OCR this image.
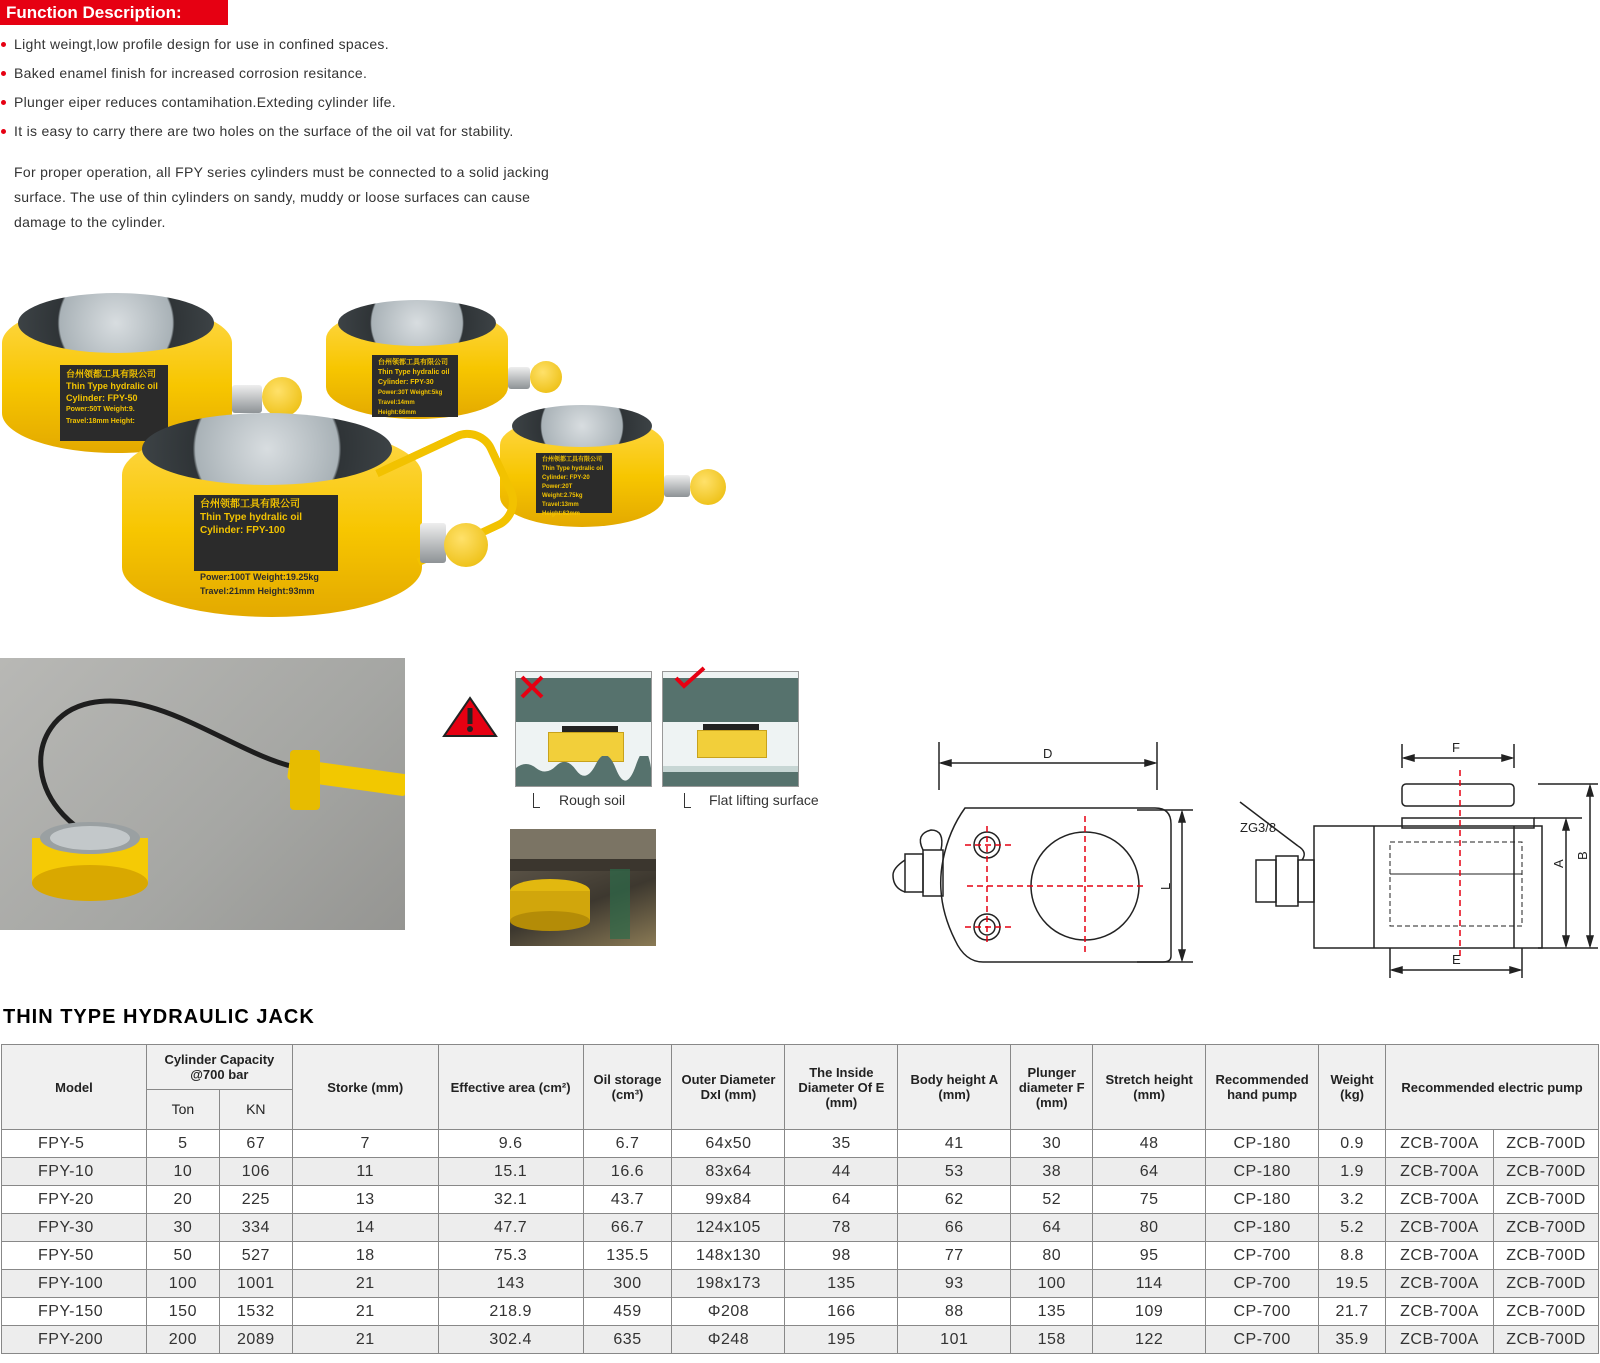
Function Description:
Light weingt,low profile design for use in confined spaces.
Baked enamel finish for increased corrosion resitance.
Plunger eiper reduces contamihation.Exteding cylinder life.
It is easy to carry there are two holes on the surface of the oil vat for stability.
For proper operation, all FPY series cylinders must be connected to a solid jacking surface. The use of thin cylinders on sandy, muddy or loose surfaces can cause damage to the cylinder.
台州领都工具有限公司
Thin Type hydralic oil
Cylinder: FPY-50
Power:50T Weight:9.
Travel:18mm Height:
台州领都工具有限公司
Thin Type hydralic oil
Cylinder: FPY-30
Power:30T Weight:5kg
Travel:14mm Height:66mm
台州领都工具有限公司
Thin Type hydralic oil
Cylinder: FPY-20
Power:20T Weight:2.75kg
Travel:13mm Height:62mm
台州领都工具有限公司
Thin Type hydralic oil
Cylinder: FPY-100
Power:100T Weight:19.25kg
Travel:21mm Height:93mm
Rough soil	Flat lifting surface
D
L
F
E
A
B
ZG3/8
THIN TYPE HYDRAULIC JACK
Model	Cylinder Capacity @700 bar		Storke (mm)	Effective area (cm²)	Oil storage (cm³)	Outer Diameter DxI (mm)	The Inside Diameter Of E (mm)	Body height A (mm)	Plunger diameter F (mm)	Stretch height (mm)	Recommended hand pump	Weight (kg)	Recommended electric pump	
	Ton	KN												
FPY-5	5	67	7	9.6	6.7	64x50	35	41	30	48	CP-180	0.9	ZCB-700A	ZCB-700D
FPY-10	10	106	11	15.1	16.6	83x64	44	53	38	64	CP-180	1.9	ZCB-700A	ZCB-700D
FPY-20	20	225	13	32.1	43.7	99x84	64	62	52	75	CP-180	3.2	ZCB-700A	ZCB-700D
FPY-30	30	334	14	47.7	66.7	124x105	78	66	64	80	CP-180	5.2	ZCB-700A	ZCB-700D
FPY-50	50	527	18	75.3	135.5	148x130	98	77	80	95	CP-700	8.8	ZCB-700A	ZCB-700D
FPY-100	100	1001	21	143	300	198x173	135	93	100	114	CP-700	19.5	ZCB-700A	ZCB-700D
FPY-150	150	1532	21	218.9	459	Φ208	166	88	135	109	CP-700	21.7	ZCB-700A	ZCB-700D
FPY-200	200	2089	21	302.4	635	Φ248	195	101	158	122	CP-700	35.9	ZCB-700A	ZCB-700D
